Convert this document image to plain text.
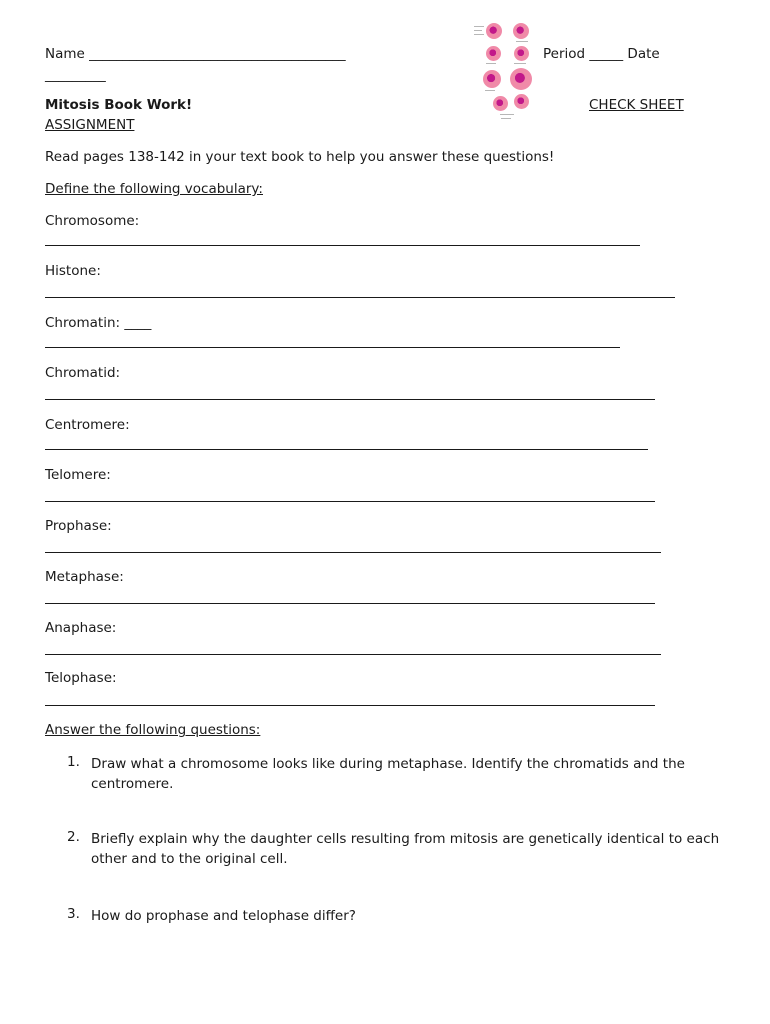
Name ______________________________________
_________
Period _____ Date
Mitosis Book Work!	CHECK SHEET
ASSIGNMENT
Read pages 138-142 in your text book to help you answer these questions!
Define the following vocabulary:
Chromosome:
Histone:
Chromatin: ____
Chromatid:
Centromere:
Telomere:
Prophase:
Metaphase:
Anaphase:
Telophase:
Answer the following questions:
1. Draw what a chromosome looks like during metaphase. Identify the chromatids and the centromere.
2. Briefly explain why the daughter cells resulting from mitosis are genetically identical to each other and to the original cell.
3. How do prophase and telophase differ?
